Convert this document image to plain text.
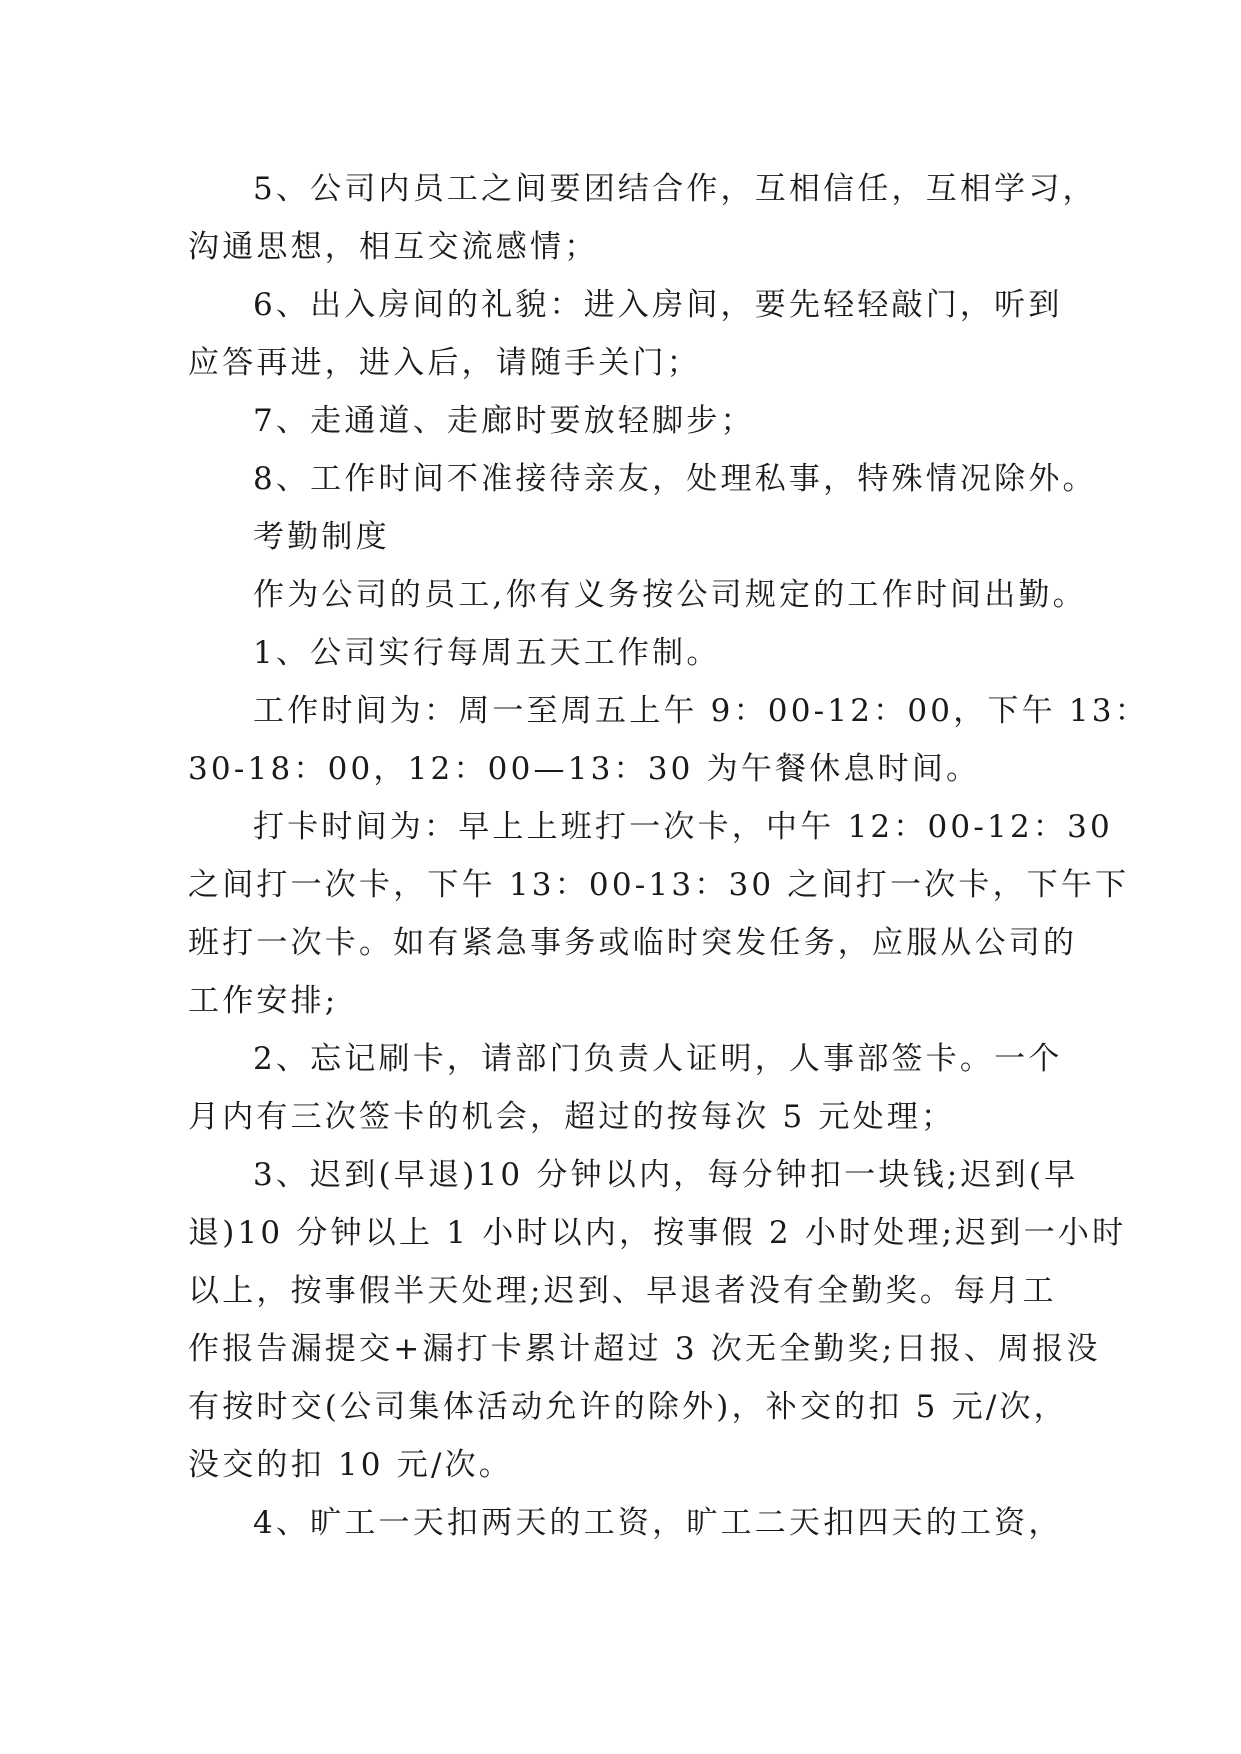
5、公司内员工之间要团结合作，互相信任，互相学习，
沟通思想，相互交流感情；
6、出入房间的礼貌：进入房间，要先轻轻敲门，听到
应答再进，进入后，请随手关门；
7、走通道、走廊时要放轻脚步；
8、工作时间不准接待亲友，处理私事，特殊情况除外。
考勤制度
作为公司的员工,你有义务按公司规定的工作时间出勤。
1、公司实行每周五天工作制。
工作时间为：周一至周五上午 9：00-12：00，下午 13：
30-18：00，12：00—13：30 为午餐休息时间。
打卡时间为：早上上班打一次卡，中午 12：00-12：30
之间打一次卡，下午 13：00-13：30 之间打一次卡，下午下
班打一次卡。如有紧急事务或临时突发任务，应服从公司的
工作安排;
2、忘记刷卡，请部门负责人证明，人事部签卡。一个
月内有三次签卡的机会，超过的按每次 5 元处理；
3、迟到(早退)10 分钟以内，每分钟扣一块钱;迟到(早
退)10 分钟以上 1 小时以内，按事假 2 小时处理;迟到一小时
以上，按事假半天处理;迟到、早退者没有全勤奖。每月工
作报告漏提交+漏打卡累计超过 3 次无全勤奖;日报、周报没
有按时交(公司集体活动允许的除外)，补交的扣 5 元/次，
没交的扣 10 元/次。
4、旷工一天扣两天的工资，旷工二天扣四天的工资，
